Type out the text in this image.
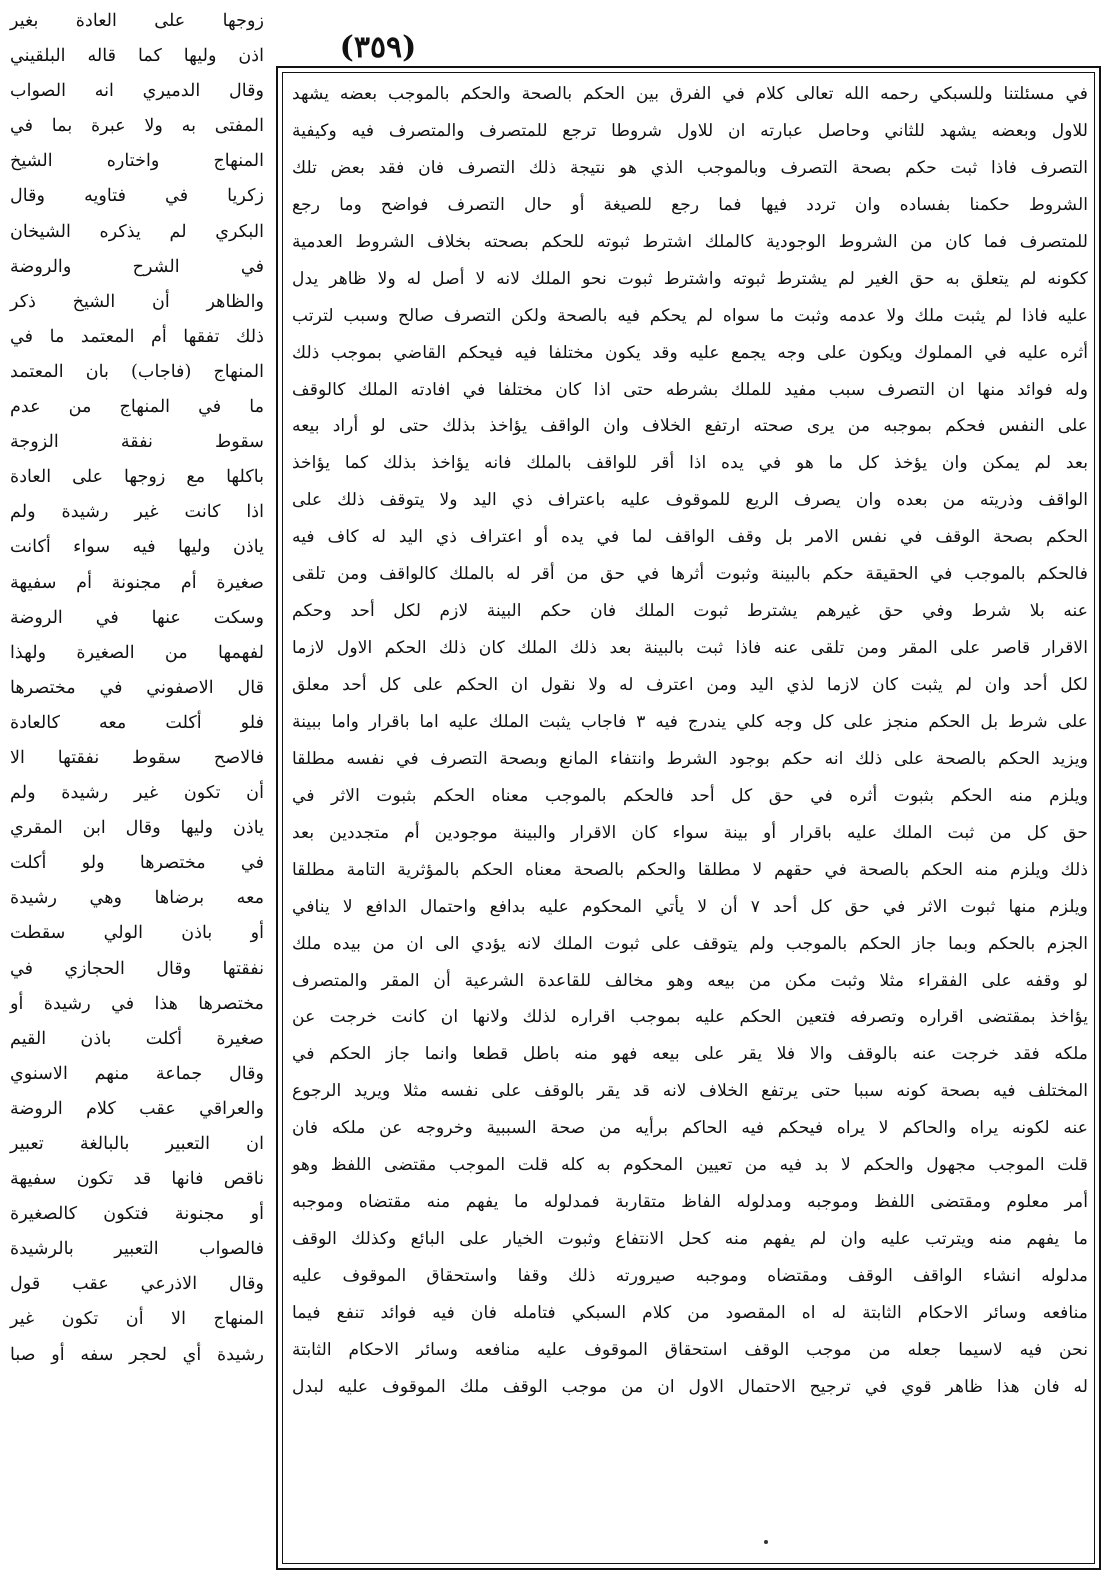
(٣٥٩)
زوجها على العادة بغير
اذن وليها كما قاله البلقيني
وقال الدميري انه الصواب
المفتى به ولا عبرة بما في
المنهاج واختاره الشيخ
زكريا في فتاويه وقال
البكري لم يذكره الشيخان
في الشرح والروضة
والظاهر أن الشيخ ذكر
ذلك تفقها أم المعتمد ما في
المنهاج (فاجاب) بان المعتمد
ما في المنهاج من عدم
سقوط نفقة الزوجة
باكلها مع زوجها على العادة
اذا كانت غير رشيدة ولم
ياذن وليها فيه سواء أكانت
صغيرة أم مجنونة أم سفيهة
وسكت عنها في الروضة
لفهمها من الصغيرة ولهذا
قال الاصفوني في مختصرها
فلو أكلت معه كالعادة
فالاصح سقوط نفقتها الا
أن تكون غير رشيدة ولم
ياذن وليها وقال ابن المقري
في مختصرها ولو أكلت
معه برضاها وهي رشيدة
أو باذن الولي سقطت
نفقتها وقال الحجازي في
مختصرها هذا في رشيدة أو
صغيرة أكلت باذن القيم
وقال جماعة منهم الاسنوي
والعراقي عقب كلام الروضة
ان التعبير بالبالغة تعبير
ناقص فانها قد تكون سفيهة
أو مجنونة فتكون كالصغيرة
فالصواب التعبير بالرشيدة
وقال الاذرعي عقب قول
المنهاج الا أن تكون غير
رشيدة أي لحجر سفه أو صبا
في مسئلتنا وللسبكي رحمه الله تعالى كلام في الفرق بين الحكم بالصحة والحكم بالموجب بعضه يشهد
للاول وبعضه يشهد للثاني وحاصل عبارته ان للاول شروطا ترجع للمتصرف والمتصرف فيه وكيفية
التصرف فاذا ثبت حكم بصحة التصرف وبالموجب الذي هو نتيجة ذلك التصرف فان فقد بعض تلك
الشروط حكمنا بفساده وان تردد فيها فما رجع للصيغة أو حال التصرف فواضح وما رجع
للمتصرف فما كان من الشروط الوجودية كالملك اشترط ثبوته للحكم بصحته بخلاف الشروط العدمية
ككونه لم يتعلق به حق الغير لم يشترط ثبوته واشترط ثبوت نحو الملك لانه لا أصل له ولا ظاهر يدل
عليه فاذا لم يثبت ملك ولا عدمه وثبت ما سواه لم يحكم فيه بالصحة ولكن التصرف صالح وسبب لترتب
أثره عليه في المملوك ويكون على وجه يجمع عليه وقد يكون مختلفا فيه فيحكم القاضي بموجب ذلك
وله فوائد منها ان التصرف سبب مفيد للملك بشرطه حتى اذا كان مختلفا في افادته الملك كالوقف
على النفس فحكم بموجبه من يرى صحته ارتفع الخلاف وان الواقف يؤاخذ بذلك حتى لو أراد بيعه
بعد لم يمكن وان يؤخذ كل ما هو في يده اذا أقر للواقف بالملك فانه يؤاخذ بذلك كما يؤاخذ
الواقف وذريته من بعده وان يصرف الريع للموقوف عليه باعتراف ذي اليد ولا يتوقف ذلك على
الحكم بصحة الوقف في نفس الامر بل وقف الواقف لما في يده أو اعتراف ذي اليد له كاف فيه
فالحكم بالموجب في الحقيقة حكم بالبينة وثبوت أثرها في حق من أقر له بالملك كالواقف ومن تلقى
عنه بلا شرط وفي حق غيرهم يشترط ثبوت الملك فان حكم البينة لازم لكل أحد وحكم
الاقرار قاصر على المقر ومن تلقى عنه فاذا ثبت بالبينة بعد ذلك الملك كان ذلك الحكم الاول لازما
لكل أحد وان لم يثبت كان لازما لذي اليد ومن اعترف له ولا نقول ان الحكم على كل أحد معلق
على شرط بل الحكم منجز على كل وجه كلي يندرج فيه ٣ فاجاب يثبت الملك عليه اما باقرار واما ببينة
ويزيد الحكم بالصحة على ذلك انه حكم بوجود الشرط وانتفاء المانع وبصحة التصرف في نفسه مطلقا
ويلزم منه الحكم بثبوت أثره في حق كل أحد فالحكم بالموجب معناه الحكم بثبوت الاثر في
حق كل من ثبت الملك عليه باقرار أو بينة سواء كان الاقرار والبينة موجودين أم متجددين بعد
ذلك ويلزم منه الحكم بالصحة في حقهم لا مطلقا والحكم بالصحة معناه الحكم بالمؤثرية التامة مطلقا
ويلزم منها ثبوت الاثر في حق كل أحد ٧ أن لا يأتي المحكوم عليه بدافع واحتمال الدافع لا ينافي
الجزم بالحكم وبما جاز الحكم بالموجب ولم يتوقف على ثبوت الملك لانه يؤدي الى ان من بيده ملك
لو وقفه على الفقراء مثلا وثبت مكن من بيعه وهو مخالف للقاعدة الشرعية أن المقر والمتصرف
يؤاخذ بمقتضى اقراره وتصرفه فتعين الحكم عليه بموجب اقراره لذلك ولانها ان كانت خرجت عن
ملكه فقد خرجت عنه بالوقف والا فلا يقر على بيعه فهو منه باطل قطعا وانما جاز الحكم في
المختلف فيه بصحة كونه سببا حتى يرتفع الخلاف لانه قد يقر بالوقف على نفسه مثلا ويريد الرجوع
عنه لكونه يراه والحاكم لا يراه فيحكم فيه الحاكم برأيه من صحة السببية وخروجه عن ملكه فان
قلت الموجب مجهول والحكم لا بد فيه من تعيين المحكوم به كله قلت الموجب مقتضى اللفظ وهو
أمر معلوم ومقتضى اللفظ وموجبه ومدلوله الفاظ متقاربة فمدلوله ما يفهم منه مقتضاه وموجبه
ما يفهم منه ويترتب عليه وان لم يفهم منه كحل الانتفاع وثبوت الخيار على البائع وكذلك الوقف
مدلوله انشاء الواقف الوقف ومقتضاه وموجبه صيرورته ذلك وقفا واستحقاق الموقوف عليه
منافعه وسائر الاحكام الثابتة له اه المقصود من كلام السبكي فتامله فان فيه فوائد تنفع فيما
نحن فيه لاسيما جعله من موجب الوقف استحقاق الموقوف عليه منافعه وسائر الاحكام الثابتة
له فان هذا ظاهر قوي في ترجيح الاحتمال الاول ان من موجب الوقف ملك الموقوف عليه لبدل
